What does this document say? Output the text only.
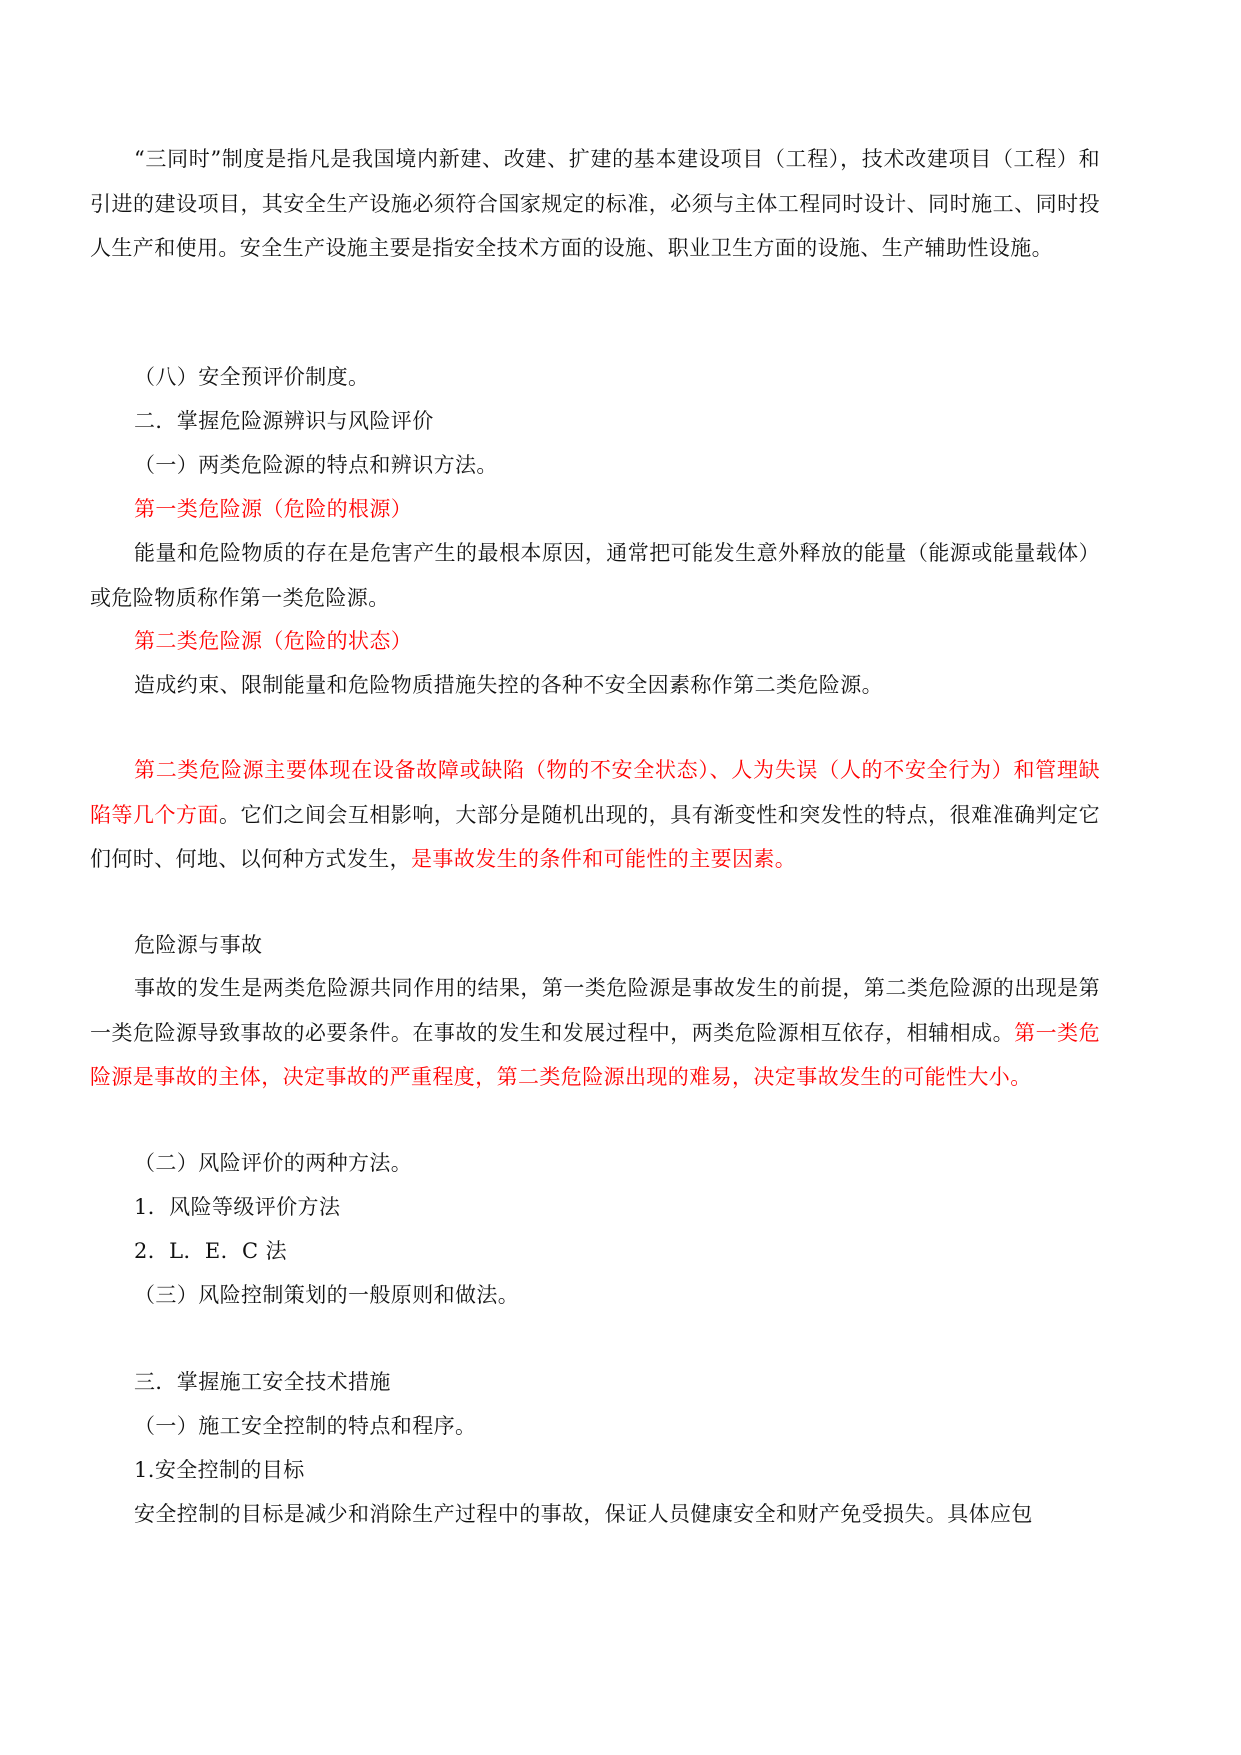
“三同时”制度是指凡是我国境内新建、改建、扩建的基本建设项目（工程），技术改建项目（工程）和引进的建设项目，其安全生产设施必须符合国家规定的标准，必须与主体工程同时设计、同时施工、同时投人生产和使用。安全生产设施主要是指安全技术方面的设施、职业卫生方面的设施、生产辅助性设施。

（八）安全预评价制度。

二．掌握危险源辨识与风险评价

（一）两类危险源的特点和辨识方法。

第一类危险源（危险的根源）

能量和危险物质的存在是危害产生的最根本原因，通常把可能发生意外释放的能量（能源或能量载体）或危险物质称作第一类危险源。

第二类危险源（危险的状态）

造成约束、限制能量和危险物质措施失控的各种不安全因素称作第二类危险源。

第二类危险源主要体现在设备故障或缺陷（物的不安全状态）、人为失误（人的不安全行为）和管理缺陷等几个方面。它们之间会互相影响，大部分是随机出现的，具有渐变性和突发性的特点，很难准确判定它们何时、何地、以何种方式发生，是事故发生的条件和可能性的主要因素。

危险源与事故

事故的发生是两类危险源共同作用的结果，第一类危险源是事故发生的前提，第二类危险源的出现是第一类危险源导致事故的必要条件。在事故的发生和发展过程中，两类危险源相互依存，相辅相成。第一类危险源是事故的主体，决定事故的严重程度，第二类危险源出现的难易，决定事故发生的可能性大小。

（二）风险评价的两种方法。

1．风险等级评价方法

2．L．E．C 法

（三）风险控制策划的一般原则和做法。

三．掌握施工安全技术措施

（一）施工安全控制的特点和程序。

1.安全控制的目标

安全控制的目标是减少和消除生产过程中的事故，保证人员健康安全和财产免受损失。具体应包
